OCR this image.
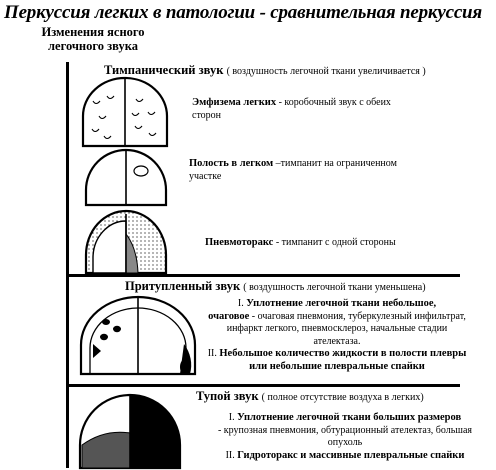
Перкуссия легких в патологии - сравнительная перкуссия
Изменения ясного легочного звука
Тимпанический звук ( воздушность легочной ткани увеличивается )
Эмфизема легких - коробочный звук с обеих сторон
Полость в легком –тимпанит на ограниченном участке
Пневмоторакс - тимпанит с одной стороны
Притупленный звук ( воздушность легочной ткани уменьшена)
I. Уплотнение легочной ткани небольшое,
очаговое - очаговая пневмония, туберкулезный инфильтрат, инфаркт легкого, пневмосклероз, начальные стадии ателектаза.
II. Небольшое количество жидкости в полости плевры или небольшие плевральные спайки
Тупой звук ( полное отсутствие воздуха в легких)
I. Уплотнение легочной ткани больших размеров
- крупозная пневмония, обтурационный ателектаз, большая опухоль
II. Гидроторакс и массивные плевральные спайки
